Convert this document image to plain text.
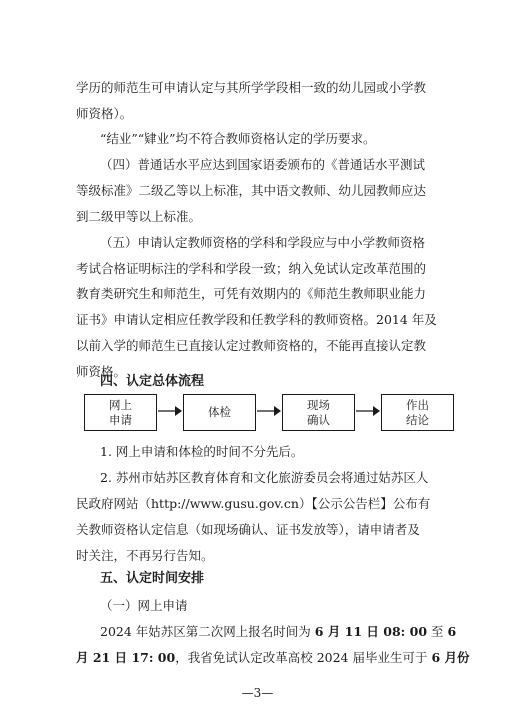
学历的师范生可申请认定与其所学学段相一致的幼儿园或小学教
师资格）。
“结业”“肄业”均不符合教师资格认定的学历要求。
（四）普通话水平应达到国家语委颁布的《普通话水平测试
等级标准》二级乙等以上标准，其中语文教师、幼儿园教师应达
到二级甲等以上标准。
（五）申请认定教师资格的学科和学段应与中小学教师资格
考试合格证明标注的学科和学段一致；纳入免试认定改革范围的
教育类研究生和师范生，可凭有效期内的《师范生教师职业能力
证书》申请认定相应任教学段和任教学科的教师资格。2014 年及
以前入学的师范生已直接认定过教师资格的，不能再直接认定教
师资格。
四、认定总体流程
网上
申请
体检
现场
确认
作出
结论
1. 网上申请和体检的时间不分先后。
2. 苏州市姑苏区教育体育和文化旅游委员会将通过姑苏区人
民政府网站（http://www.gusu.gov.cn）【公示公告栏】公布有
关教师资格认定信息（如现场确认、证书发放等），请申请者及
时关注，不再另行告知。
五、认定时间安排
（一）网上申请
2024 年姑苏区第二次网上报名时间为 6 月 11 日 08: 00 至 6
月 21 日 17: 00，我省免试认定改革高校 2024 届毕业生可于 6 月份
—3—
